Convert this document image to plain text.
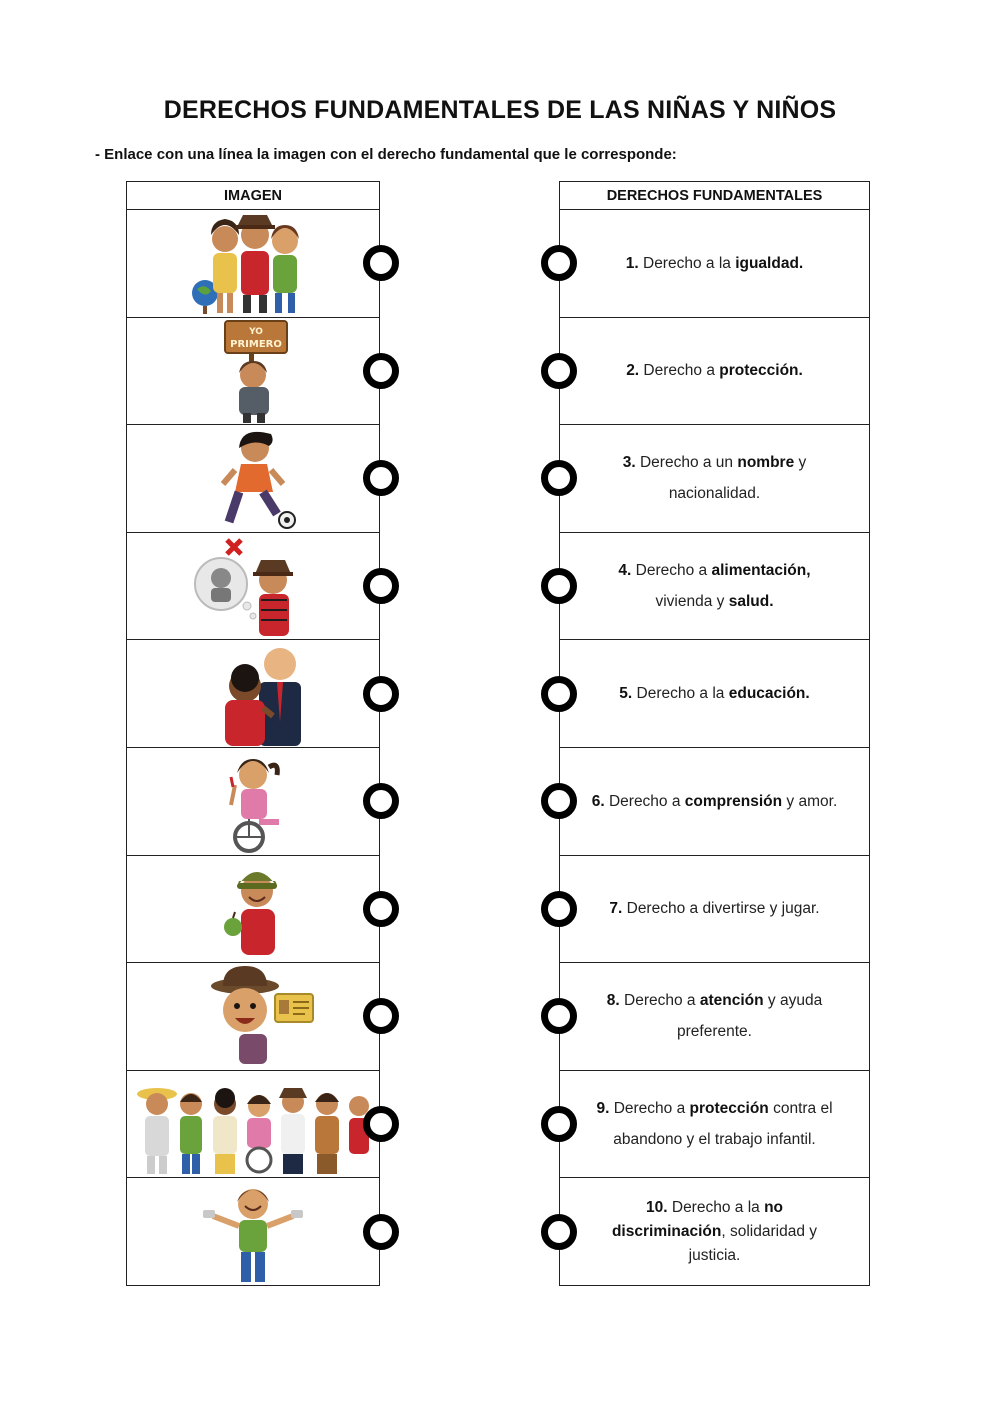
DERECHOS FUNDAMENTALES DE LAS NIÑAS Y NIÑOS
- Enlace con una línea la imagen con el derecho fundamental que le corresponde:
IMAGEN
YO
PRIMERO
DERECHOS FUNDAMENTALES
1. Derecho a la igualdad.
2. Derecho a protección.
3. Derecho a un nombre y nacionalidad.
4. Derecho a alimentación, vivienda y salud.
5. Derecho a la educación.
6. Derecho a comprensión y amor.
7. Derecho a divertirse y jugar.
8. Derecho a atención y ayuda preferente.
9. Derecho a protección contra el abandono y el trabajo infantil.
10. Derecho a la no discriminación, solidaridad y justicia.
